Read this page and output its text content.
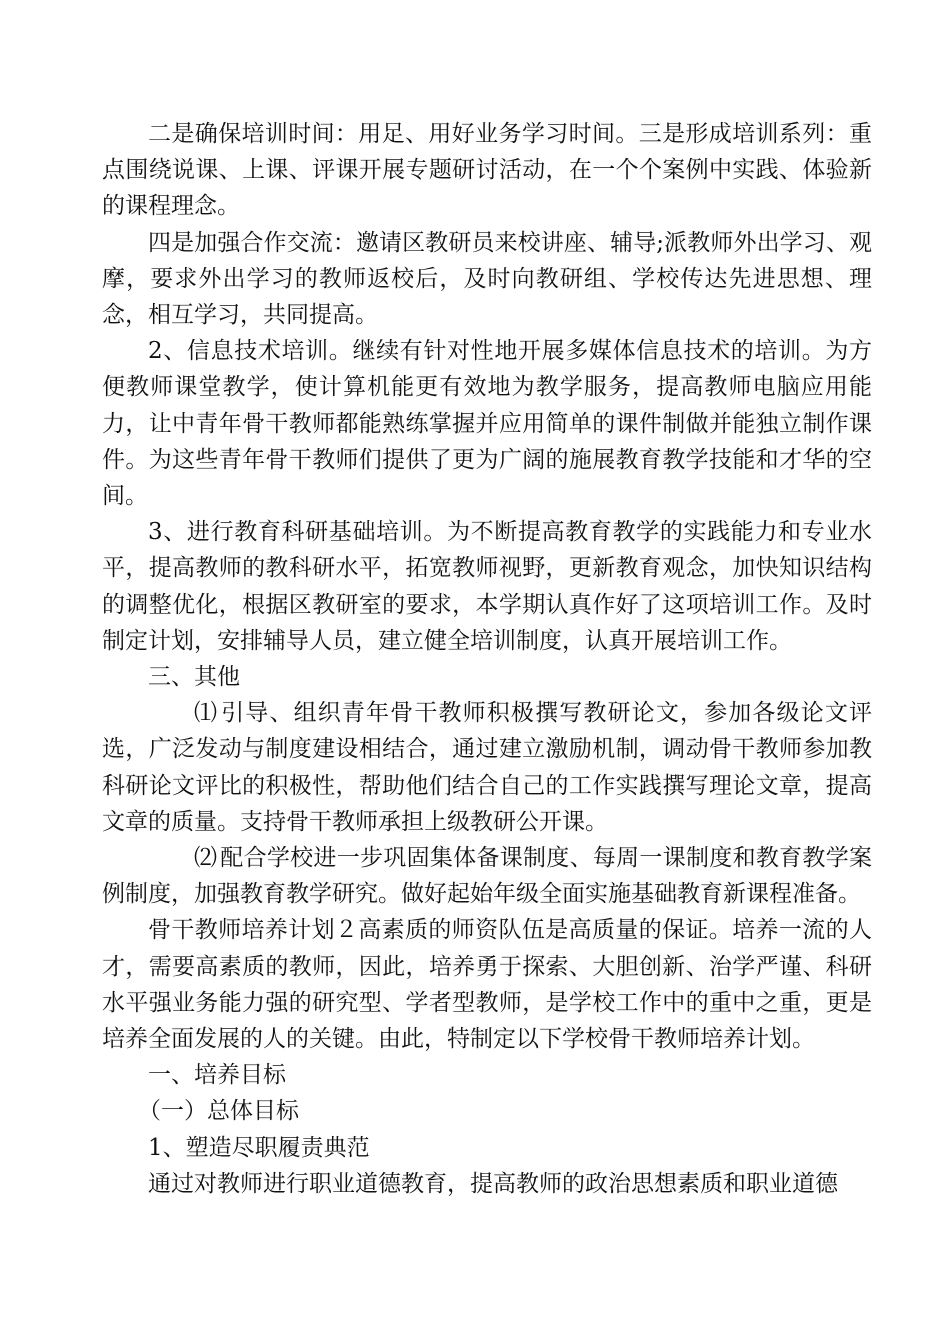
二是确保培训时间：用足、用好业务学习时间。三是形成培训系列：重点围绕说课、上课、评课开展专题研讨活动，在一个个案例中实践、体验新的课程理念。

四是加强合作交流：邀请区教研员来校讲座、辅导;派教师外出学习、观摩，要求外出学习的教师返校后，及时向教研组、学校传达先进思想、理念，相互学习，共同提高。

2、信息技术培训。继续有针对性地开展多媒体信息技术的培训。为方便教师课堂教学，使计算机能更有效地为教学服务，提高教师电脑应用能力，让中青年骨干教师都能熟练掌握并应用简单的课件制做并能独立制作课件。为这些青年骨干教师们提供了更为广阔的施展教育教学技能和才华的空间。

3、进行教育科研基础培训。为不断提高教育教学的实践能力和专业水平，提高教师的教科研水平，拓宽教师视野，更新教育观念，加快知识结构的调整优化，根据区教研室的要求，本学期认真作好了这项培训工作。及时制定计划，安排辅导人员，建立健全培训制度，认真开展培训工作。

三、其他

⑴ 引导、组织青年骨干教师积极撰写教研论文，参加各级论文评选，广泛发动与制度建设相结合，通过建立激励机制，调动骨干教师参加教科研论文评比的积极性，帮助他们结合自己的工作实践撰写理论文章，提高文章的质量。支持骨干教师承担上级教研公开课。

⑵ 配合学校进一步巩固集体备课制度、每周一课制度和教育教学案例制度，加强教育教学研究。做好起始年级全面实施基础教育新课程准备。

骨干教师培养计划２高素质的师资队伍是高质量的保证。培养一流的人才，需要高素质的教师，因此，培养勇于探索、大胆创新、治学严谨、科研水平强业务能力强的研究型、学者型教师，是学校工作中的重中之重，更是培养全面发展的人的关键。由此，特制定以下学校骨干教师培养计划。

一、培养目标

（一）总体目标

1、塑造尽职履责典范

通过对教师进行职业道德教育，提高教师的政治思想素质和职业道德
